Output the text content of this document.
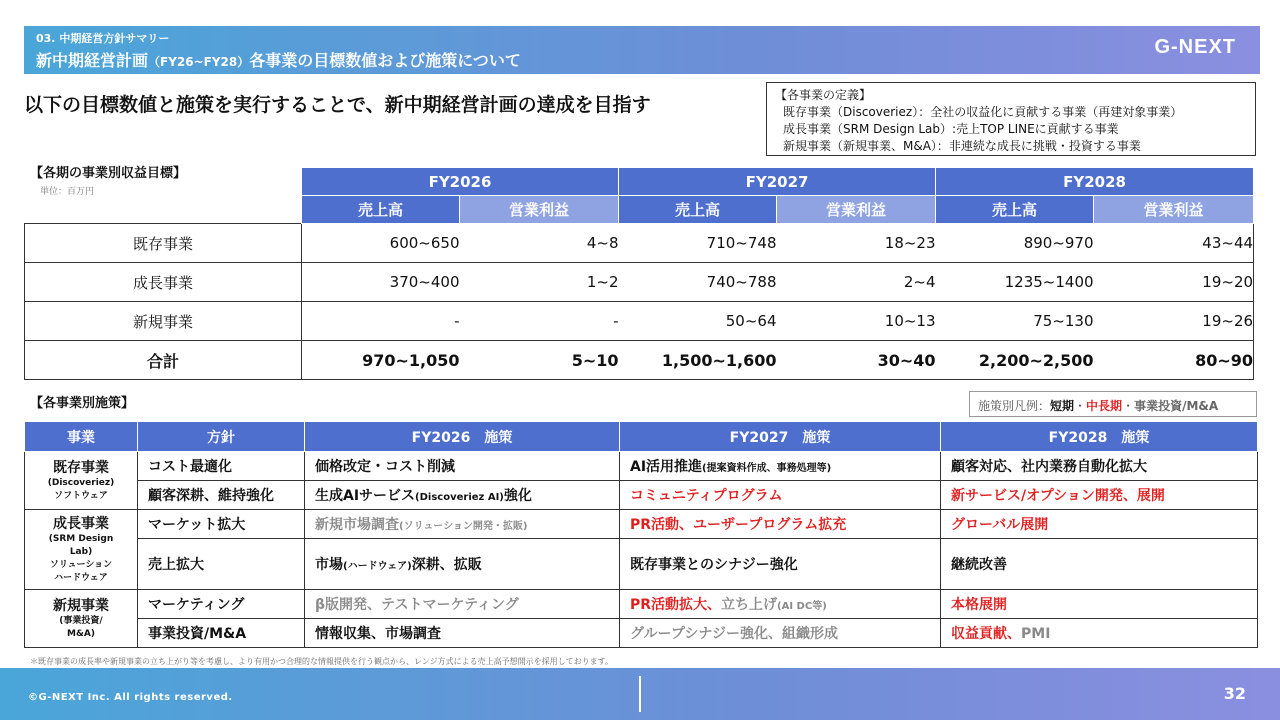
03. 中期経営方針サマリー
新中期経営計画（FY26~FY28）各事業の目標数値および施策について
G-NEXT
以下の目標数値と施策を実行することで、新中期経営計画の達成を目指す	【各事業の定義】
既存事業（Discoveriez）：全社の収益化に貢献する事業（再建対象事業）
成長事業（SRM Design Lab）:売上TOP LINEに貢献する事業
新規事業（新規事業、M&A）：非連続な成長に挑戦・投資する事業
【各期の事業別収益目標】
単位：百万円
	FY2026		FY2027		FY2028	
	売上高	営業利益	売上高	営業利益	売上高	営業利益
既存事業	600~650	4~8	710~748	18~23	890~970	43~44
成長事業	370~400	1~2	740~788	2~4	1235~1400	19~20
新規事業	-	-	50~64	10~13	75~130	19~26
合計	970~1,050	5~10	1,500~1,600	30~40	2,200~2,500	80~90
【各事業別施策】	施策別凡例：短期・中長期・事業投資/M&A
事業	方針	FY2026　施策	FY2027　施策	FY2028　施策

既存事業
(Discoveriez)
ソフトウェア	コスト最適化	価格改定・コスト削減	AI活用推進(提案資料作成、事務処理等)	顧客対応、社内業務自動化拡大
	顧客深耕、維持強化	生成AIサービス(Discoveriez AI)強化	コミュニティプログラム	新サービス/オプション開発、展開

成長事業
(SRM Design
Lab)
ソリューション
ハードウェア	マーケット拡大	新規市場調査(ソリューション開発・拡販)	PR活動、ユーザープログラム拡充	グローバル展開
	売上拡大	市場(ハードウェア)深耕、拡販	既存事業とのシナジー強化	継続改善

新規事業
(事業投資/
M&A)	マーケティング	β版開発、テストマーケティング	PR活動拡大、立ち上げ(AI DC等)	本格展開
	事業投資/M&A	情報収集、市場調査	グループシナジー強化、組織形成	収益貢献、PMI
＊既存事業の成長率や新規事業の立ち上がり等を考慮し、より有用かつ合理的な情報提供を行う観点から、レンジ方式による売上高予想開示を採用しております。
©G-NEXT Inc. All rights reserved.	32
